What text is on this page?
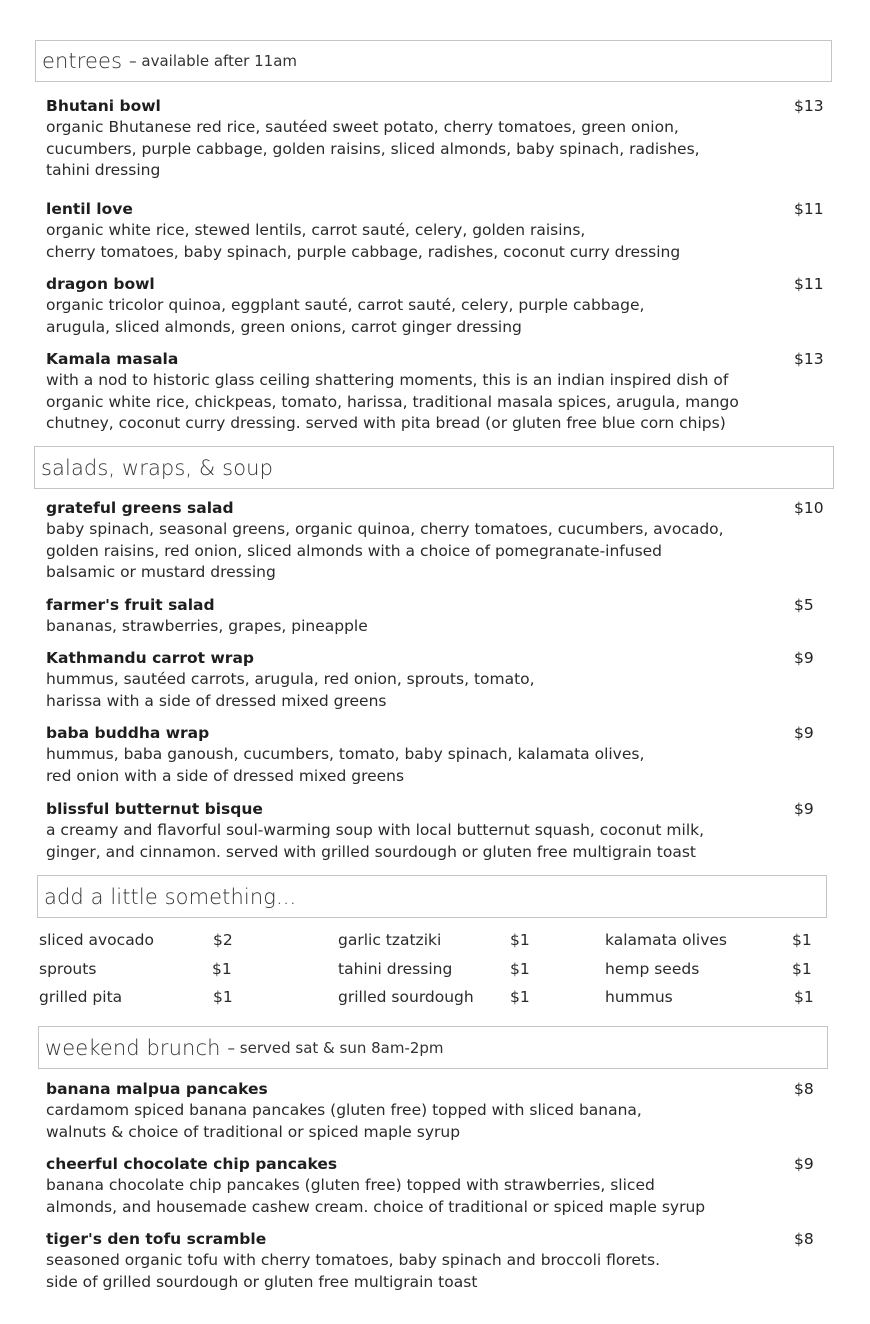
entrees – available after 11am
salads, wraps, & soup
add a little something...
weekend brunch – served sat & sun 8am-2pm
Bhutani bowl
organic Bhutanese red rice, sautéed sweet potato, cherry tomatoes, green onion,
cucumbers, purple cabbage, golden raisins, sliced almonds, baby spinach, radishes,
tahini dressing
$13
lentil love
organic white rice, stewed lentils, carrot sauté, celery, golden raisins,
cherry tomatoes, baby spinach, purple cabbage, radishes, coconut curry dressing
$11
dragon bowl
organic tricolor quinoa, eggplant sauté, carrot sauté, celery, purple cabbage,
arugula, sliced almonds, green onions, carrot ginger dressing
$11
Kamala masala
with a nod to historic glass ceiling shattering moments, this is an indian inspired dish of
organic white rice, chickpeas, tomato, harissa, traditional masala spices, arugula, mango
chutney, coconut curry dressing. served with pita bread (or gluten free blue corn chips)
$13
grateful greens salad
baby spinach, seasonal greens, organic quinoa, cherry tomatoes, cucumbers, avocado,
golden raisins, red onion, sliced almonds with a choice of pomegranate-infused
balsamic or mustard dressing
$10
farmer's fruit salad
bananas, strawberries, grapes, pineapple
$5
Kathmandu carrot wrap
hummus, sautéed carrots, arugula, red onion, sprouts, tomato,
harissa with a side of dressed mixed greens
$9
baba buddha wrap
hummus, baba ganoush, cucumbers, tomato, baby spinach, kalamata olives,
red onion with a side of dressed mixed greens
$9
blissful butternut bisque
a creamy and flavorful soul-warming soup with local butternut squash, coconut milk,
ginger, and cinnamon. served with grilled sourdough or gluten free multigrain toast
$9
banana malpua pancakes
cardamom spiced banana pancakes (gluten free) topped with sliced banana,
walnuts & choice of traditional or spiced maple syrup
$8
cheerful chocolate chip pancakes
banana chocolate chip pancakes (gluten free) topped with strawberries, sliced
almonds, and housemade cashew cream. choice of traditional or spiced maple syrup
$9
tiger's den tofu scramble
seasoned organic tofu with cherry tomatoes, baby spinach and broccoli florets.
side of grilled sourdough or gluten free multigrain toast
$8
sliced avocado	$2	garlic tzatziki	$1	kalamata olives	$1
sprouts	$1	tahini dressing	$1	hemp seeds	$1
grilled pita	$1	grilled sourdough $1	hummus	$1
